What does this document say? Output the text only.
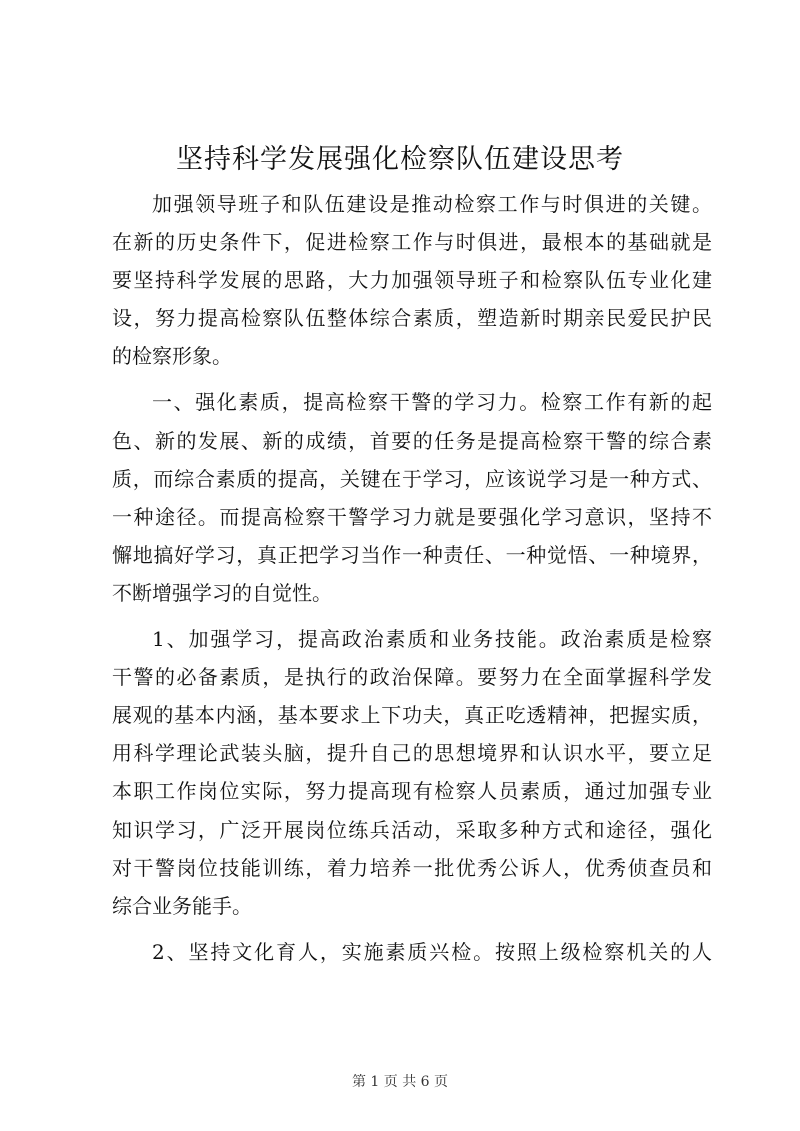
坚持科学发展强化检察队伍建设思考
加强领导班子和队伍建设是推动检察工作与时俱进的关键。
在新的历史条件下，促进检察工作与时俱进，最根本的基础就是
要坚持科学发展的思路，大力加强领导班子和检察队伍专业化建
设，努力提高检察队伍整体综合素质，塑造新时期亲民爱民护民
的检察形象。
一、强化素质，提高检察干警的学习力。检察工作有新的起
色、新的发展、新的成绩，首要的任务是提高检察干警的综合素
质，而综合素质的提高，关键在于学习，应该说学习是一种方式、
一种途径。而提高检察干警学习力就是要强化学习意识，坚持不
懈地搞好学习，真正把学习当作一种责任、一种觉悟、一种境界，
不断增强学习的自觉性。
1、加强学习，提高政治素质和业务技能。政治素质是检察
干警的必备素质，是执行的政治保障。要努力在全面掌握科学发
展观的基本内涵，基本要求上下功夫，真正吃透精神，把握实质，
用科学理论武装头脑，提升自己的思想境界和认识水平，要立足
本职工作岗位实际，努力提高现有检察人员素质，通过加强专业
知识学习，广泛开展岗位练兵活动，采取多种方式和途径，强化
对干警岗位技能训练，着力培养一批优秀公诉人，优秀侦查员和
综合业务能手。
2、坚持文化育人，实施素质兴检。按照上级检察机关的人
第 1 页 共 6 页
